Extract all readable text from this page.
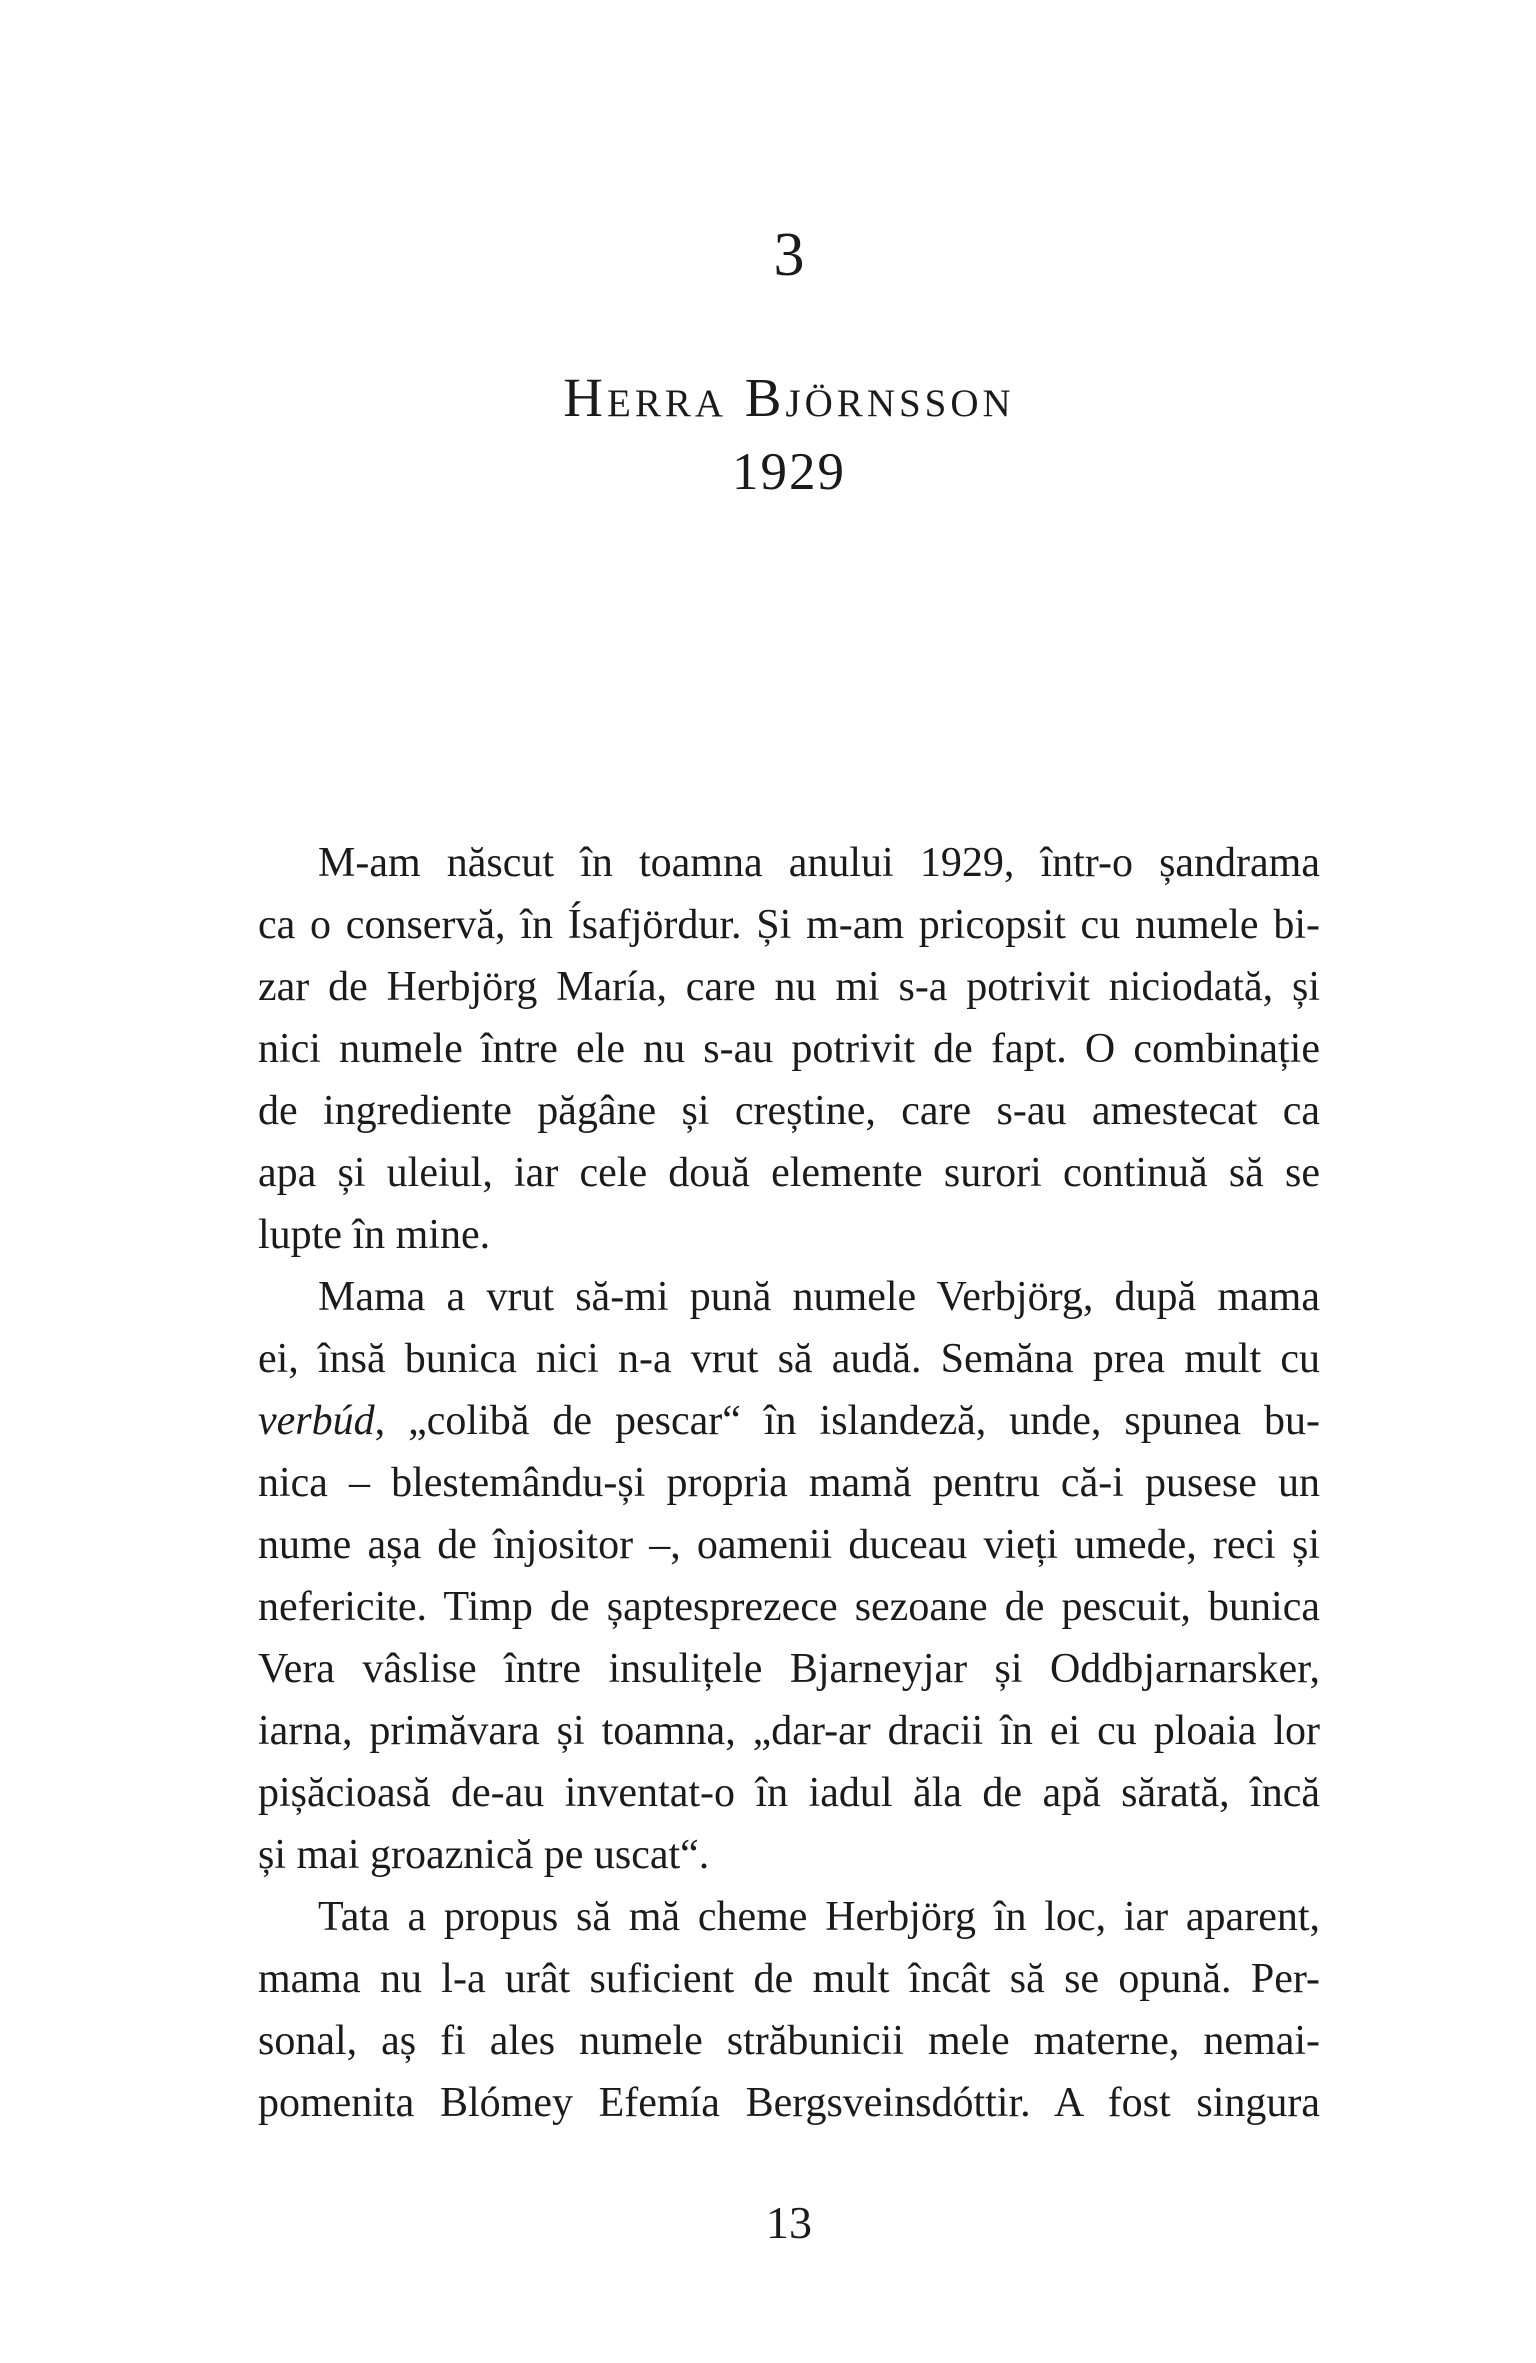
3
Herra Björnsson
1929
M-am născut în toamna anului 1929, într-o șandrama
ca o conservă, în Ísafjördur. Și m-am pricopsit cu numele bi-
zar de Herbjörg María, care nu mi s-a potrivit niciodată, și
nici numele între ele nu s-au potrivit de fapt. O combinație
de ingrediente păgâne și creștine, care s-au amestecat ca
apa și uleiul, iar cele două elemente surori continuă să se
lupte în mine.
Mama a vrut să-mi pună numele Verbjörg, după mama
ei, însă bunica nici n-a vrut să audă. Semăna prea mult cu
verbúd, „colibă de pescar“ în islandeză, unde, spunea bu-
nica – blestemându-și propria mamă pentru că-i pusese un
nume așa de înjositor –, oamenii duceau vieți umede, reci și
nefericite. Timp de șaptesprezece sezoane de pescuit, bunica
Vera vâslise între insulițele Bjarneyjar și Oddbjarnarsker,
iarna, primăvara și toamna, „dar-ar dracii în ei cu ploaia lor
pișăcioasă de-au inventat-o în iadul ăla de apă sărată, încă
și mai groaznică pe uscat“.
Tata a propus să mă cheme Herbjörg în loc, iar aparent,
mama nu l-a urât suficient de mult încât să se opună. Per-
sonal, aș fi ales numele străbunicii mele materne, nemai-
pomenita Blómey Efemía Bergsveinsdóttir. A fost singura
13
